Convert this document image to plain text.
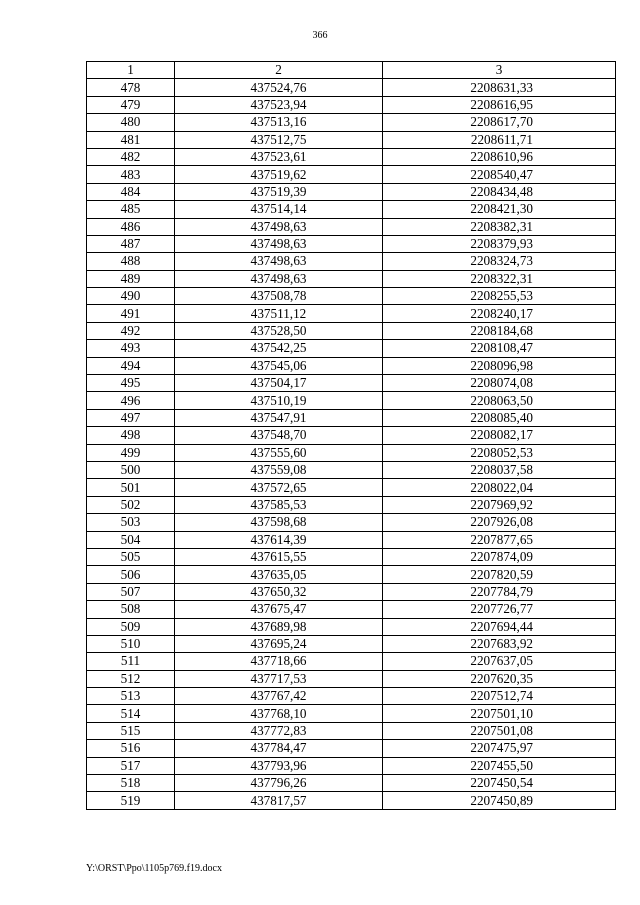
366
1	2	3
478	437524,76	2208631,33
479	437523,94	2208616,95
480	437513,16	2208617,70
481	437512,75	2208611,71
482	437523,61	2208610,96
483	437519,62	2208540,47
484	437519,39	2208434,48
485	437514,14	2208421,30
486	437498,63	2208382,31
487	437498,63	2208379,93
488	437498,63	2208324,73
489	437498,63	2208322,31
490	437508,78	2208255,53
491	437511,12	2208240,17
492	437528,50	2208184,68
493	437542,25	2208108,47
494	437545,06	2208096,98
495	437504,17	2208074,08
496	437510,19	2208063,50
497	437547,91	2208085,40
498	437548,70	2208082,17
499	437555,60	2208052,53
500	437559,08	2208037,58
501	437572,65	2208022,04
502	437585,53	2207969,92
503	437598,68	2207926,08
504	437614,39	2207877,65
505	437615,55	2207874,09
506	437635,05	2207820,59
507	437650,32	2207784,79
508	437675,47	2207726,77
509	437689,98	2207694,44
510	437695,24	2207683,92
511	437718,66	2207637,05
512	437717,53	2207620,35
513	437767,42	2207512,74
514	437768,10	2207501,10
515	437772,83	2207501,08
516	437784,47	2207475,97
517	437793,96	2207455,50
518	437796,26	2207450,54
519	437817,57	2207450,89
Y:\ORST\Ppo\1105p769.f19.docx
